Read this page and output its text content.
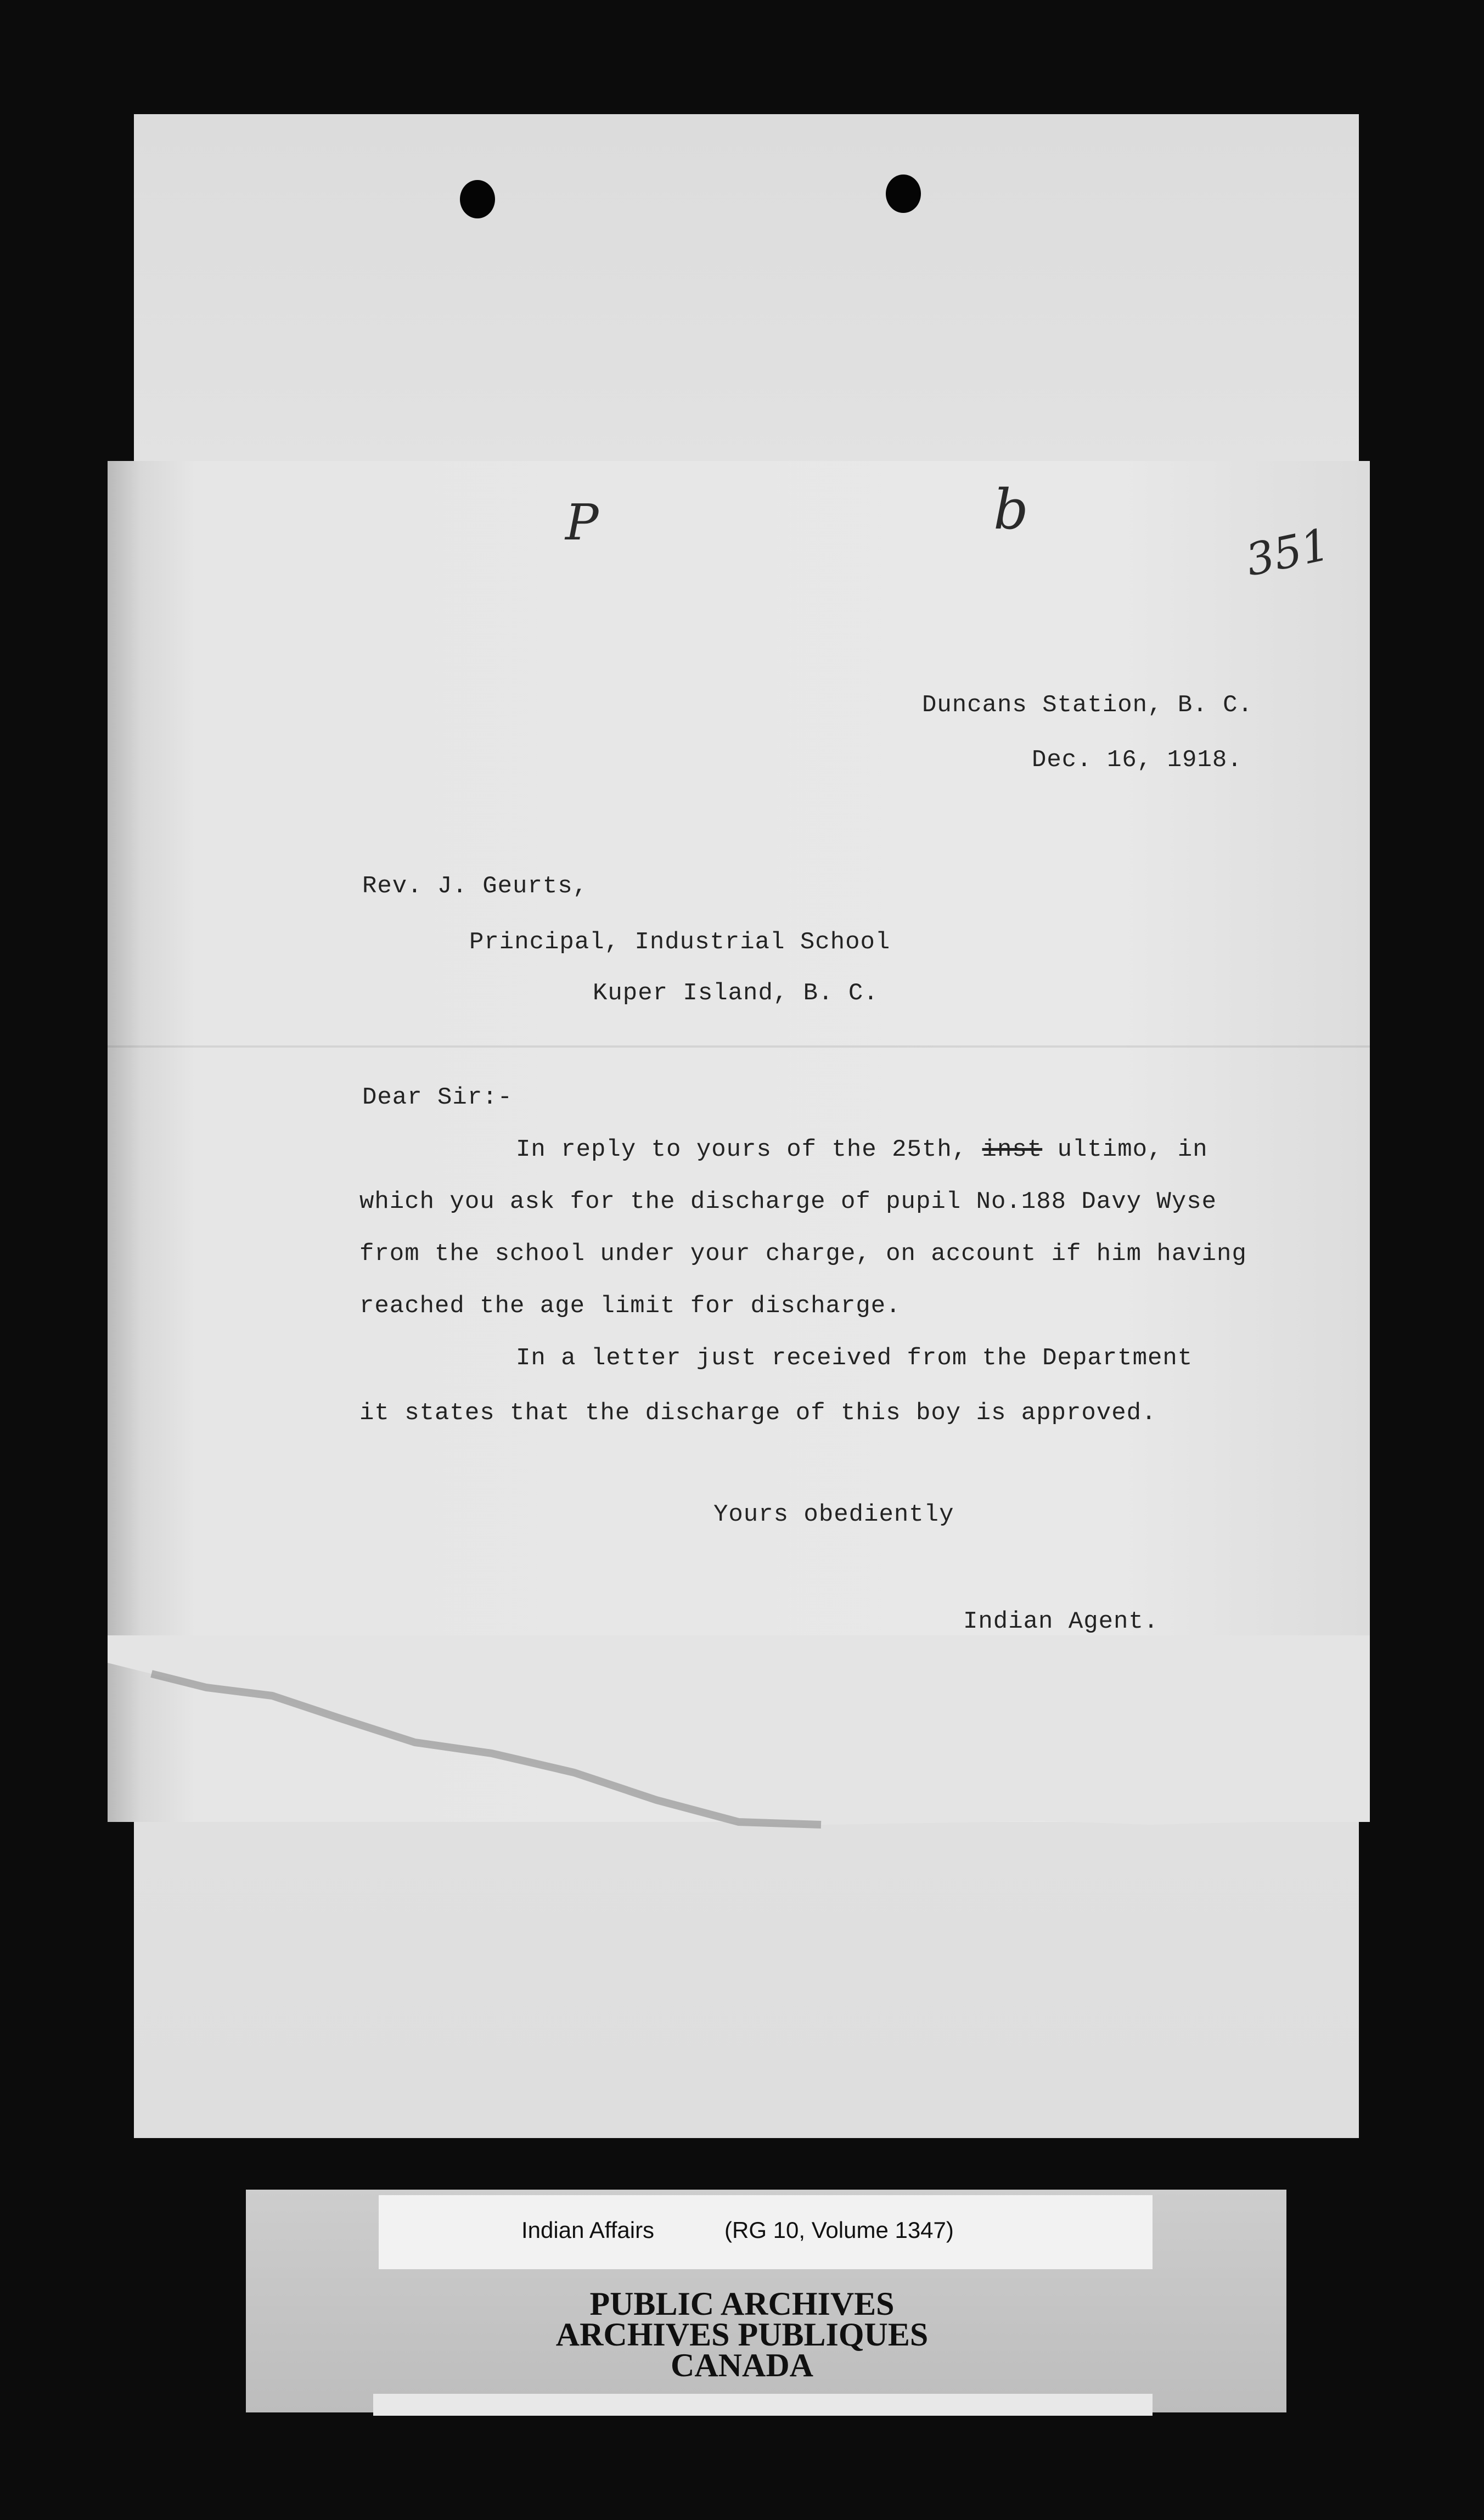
P	b
351
Duncans Station, B. C.
Dec. 16, 1918.
Rev. J. Geurts,
Principal, Industrial School
Kuper Island, B. C.
Dear Sir:-
In reply to yours of the 25th, inst ultimo, in
which you ask for the discharge of pupil No.188 Davy Wyse
from the school under your charge, on account if him having
reached the age limit for discharge.
In a letter just received from the Department
it states that the discharge of this boy is approved.
Yours obediently
Indian Agent.
Indian Affairs	(RG 10, Volume 1347)
PUBLIC ARCHIVES
ARCHIVES PUBLIQUES
CANADA
